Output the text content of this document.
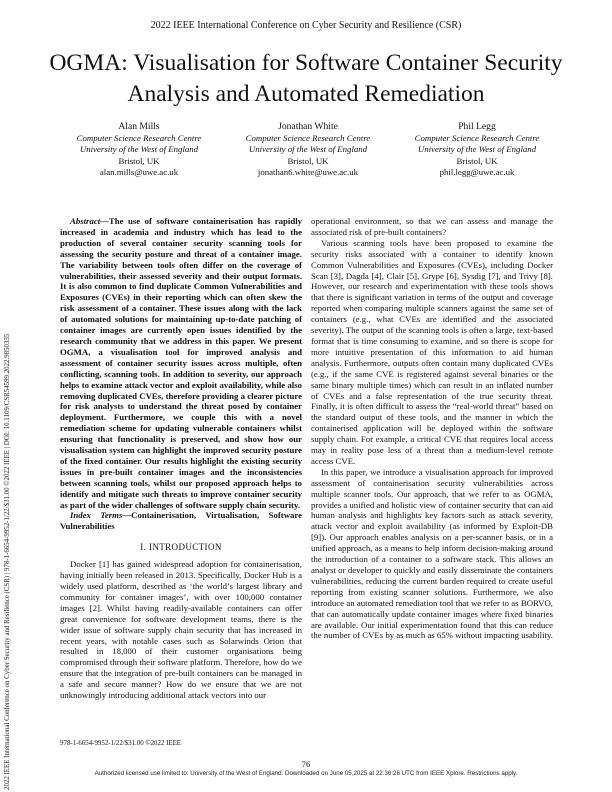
2022 IEEE International Conference on Cyber Security and Resilience (CSR)
OGMA: Visualisation for Software Container Security Analysis and Automated Remediation
Alan Mills
Computer Science Research Centre
University of the West of England
Bristol, UK
alan.mills@uwe.ac.uk
Jonathan White
Computer Science Research Centre
University of the West of England
Bristol, UK
jonathan6.white@uwe.ac.uk
Phil Legg
Computer Science Research Centre
University of the West of England
Bristol, UK
phil.legg@uwe.ac.uk
2022 IEEE International Conference on Cyber Security and Resilience (CSR) | 978-1-6654-9952-1/22/$31.00 ©2022 IEEE | DOI: 10.1109/CSR54599.2022.9850335

Abstract—The use of software containerisation has rapidly increased in academia and industry which has lead to the production of several container security scanning tools for assessing the security posture and threat of a container image. The variability between tools often differ on the coverage of vulnerabilities, their assessed severity and their output formats. It is also common to find duplicate Common Vulnerabilities and Exposures (CVEs) in their reporting which can often skew the risk assessment of a container. These issues along with the lack of automated solutions for maintaining up-to-date patching of container images are currently open issues identified by the research community that we address in this paper. We present OGMA, a visualisation tool for improved analysis and assessment of container security issues across multiple, often conflicting, scanning tools. In addition to severity, our approach helps to examine attack vector and exploit availability, while also removing duplicated CVEs, therefore providing a clearer picture for risk analysts to understand the threat posed by container deployment. Furthermore, we couple this with a novel remediation scheme for updating vulnerable containers whilst ensuring that functionality is preserved, and show how our visualisation system can highlight the improved security posture of the fixed container. Our results highlight the existing security issues in pre-built container images and the inconsistencies between scanning tools, whilst our proposed approach helps to identify and mitigate such threats to improve container security as part of the wider challenges of software supply chain security.

Index Terms—Containerisation, Virtualisation, Software Vulnerabilities

I. INTRODUCTION

Docker [1] has gained widespread adoption for containerisation, having initially been released in 2013. Specifically, Docker Hub is a widely used platform, described as ‘the world’s largest library and community for container images’, with over 100,000 container images [2]. Whilst having readily-available containers can offer great convenience for software development teams, there is the wider issue of software supply chain security that has increased in recent years, with notable cases such as Solarwinds Orion that resulted in 18,000 of their customer organisations being compromised through their software platform. Therefore, how do we ensure that the integration of pre-built containers can be managed in a safe and secure manner? How do we ensure that we are not unknowingly introducing additional attack vectors into our

operational environment, so that we can assess and manage the associated risk of pre-built containers?

Various scanning tools have been proposed to examine the security risks associated with a container to identify known Common Vulnerabilities and Exposures (CVEs), including Docker Scan [3], Dagda [4], Clair [5], Grype [6], Sysdig [7], and Trivy [8]. However, our research and experimentation with these tools shows that there is significant variation in terms of the output and coverage reported when comparing multiple scanners against the same set of containers (e.g., what CVEs are identified and the associated severity). The output of the scanning tools is often a large, text-based format that is time consuming to examine, and so there is scope for more intuitive presentation of this information to aid human analysis. Furthermore, outputs often contain many duplicated CVEs (e.g., if the same CVE is registered against several binaries or the same binary multiple times) which can result in an inflated number of CVEs and a false representation of the true security threat. Finally, it is often difficult to assess the “real-world threat” based on the standard output of these tools, and the manner in which the containerised application will be deployed within the software supply chain. For example, a critical CVE that requires local access may in reality pose less of a threat than a medium-level remote access CVE.

In this paper, we introduce a visualisation approach for improved assessment of containerisation security vulnerabilities across multiple scanner tools. Our approach, that we refer to as OGMA, provides a unified and holistic view of container security that can aid human analysis and highlights key factors such as attack severity, attack vector and exploit availability (as informed by Exploit-DB [9]). Our approach enables analysis on a per-scanner basis, or in a unified approach, as a means to help inform decision-making around the introduction of a container to a software stack. This allows an analyst or developer to quickly and easily disseminate the containers vulnerabilities, reducing the current burden required to create useful reporting from existing scanner solutions. Furthermore, we also introduce an automated remediation tool that we refer to as BORVO, that can automatically update container images where fixed binaries are available. Our initial experimentation found that this can reduce the number of CVEs by as much as 65% without impacting usability.

978-1-6654-9952-1/22/$31.00 ©2022 IEEE
76
Authorized licensed use limited to: University of the West of England. Downloaded on June 05,2025 at 22:36:26 UTC from IEEE Xplore. Restrictions apply.
